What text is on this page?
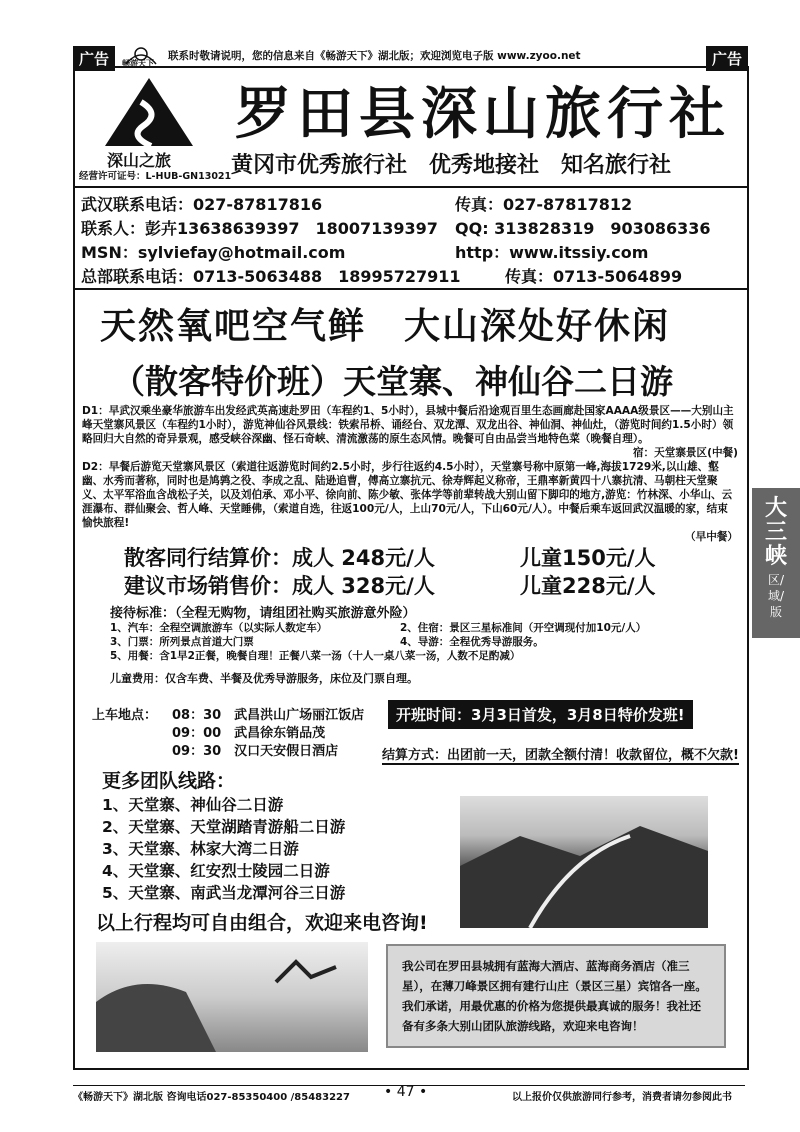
广告	畅游天下
联系时敬请说明，您的信息来自《畅游天下》湖北版；欢迎浏览电子版 www.zyoo.net	广告
深山之旅
经营许可证号：L-HUB-GN13021
罗田县深山旅行社
黄冈市优秀旅行社　优秀地接社　知名旅行社
武汉联系电话：027-87817816	传真：027-87817812
联系人：彭卉13638639397　18007139397 QQ: 313828319　903086336
MSN：sylviefay@hotmail.com	http：www.itssiy.com
总部联系电话：0713-5063488　18995727911	传真：0713-5064899
天然氧吧空气鲜　大山深处好休闲
（散客特价班）天堂寨、神仙谷二日游

D1：早武汉乘坐豪华旅游车出发经武英高速赴罗田（车程约1、5小时），县城中餐后沿途观百里生态画廊赴国家AAAA级景区——大别山主峰天堂寨风景区（车程约1小时），游览神仙谷风景线：铁索吊桥、诵经台、双龙潭、双龙出谷、神仙洞、神仙灶，（游览时间约1.5小时）领略回归大自然的奇异景观，感受峡谷深幽、怪石奇峡、清流激荡的原生态风情。晚餐可自由品尝当地特色菜（晚餐自理）。

宿：天堂寨景区(中餐)

D2：早餐后游览天堂寨风景区（索道往返游览时间约2.5小时，步行往返约4.5小时），天堂寨号称中原第一峰,海拔1729米,以山雄、壑幽、水秀而著称，同时也是鸠鹑之役、李成之乱、陆逊追曹，傅高立寨抗元、徐寿辉起义称帝，王鼎率新黄四十八寨抗清、马朝柱天堂聚义、太平军浴血含战松子关，以及刘伯承、邓小平、徐向前、陈少敏、张体学等前辈转战大别山留下脚印的地方,游览：竹林深、小华山、云涯瀑布、群仙聚会、哲人峰、天堂睡佛，（索道自选，往返100元/人，上山70元/人，下山60元/人）。中餐后乘车返回武汉温暖的家，结束愉快旅程!

（早中餐）

散客同行结算价：成人 248元/人	儿童150元/人
建议市场销售价：成人 328元/人	儿童228元/人
接待标准：（全程无购物，请组团社购买旅游意外险）
1、汽车：全程空调旅游车（以实际人数定车）	2、住宿：景区三星标准间（开空调现付加10元/人）
3、门票：所列景点首道大门票	4、导游：全程优秀导游服务。
5、用餐：含1早2正餐，晚餐自理！正餐八菜一汤（十人一桌八菜一汤，人数不足酌减）
儿童费用：仅含车费、半餐及优秀导游服务，床位及门票自理。
上车地点： 08：30　武昌洪山广场丽江饭店
09：00　武昌徐东销品茂
09：30　汉口天安假日酒店
开班时间：3月3日首发，3月8日特价发班!
结算方式：出团前一天，团款全额付清！收款留位，概不欠款!
更多团队线路：
1、天堂寨、神仙谷二日游
2、天堂寨、天堂湖踏青游船二日游
3、天堂寨、林家大湾二日游
4、天堂寨、红安烈士陵园二日游
5、天堂寨、南武当龙潭河谷三日游
以上行程均可自由组合，欢迎来电咨询!
我公司在罗田县城拥有蓝海大酒店、蓝海商务酒店（准三星），在薄刀峰景区拥有建行山庄（景区三星）宾馆各一座。我们承诺，用最优惠的价格为您提供最真诚的服务！我社还备有多条大别山团队旅游线路，欢迎来电咨询！
大三峡
区/域/版
《畅游天下》湖北版 咨询电话027-85350400 /85483227 • 47 •	以上报价仅供旅游同行参考，消费者请勿参阅此书
